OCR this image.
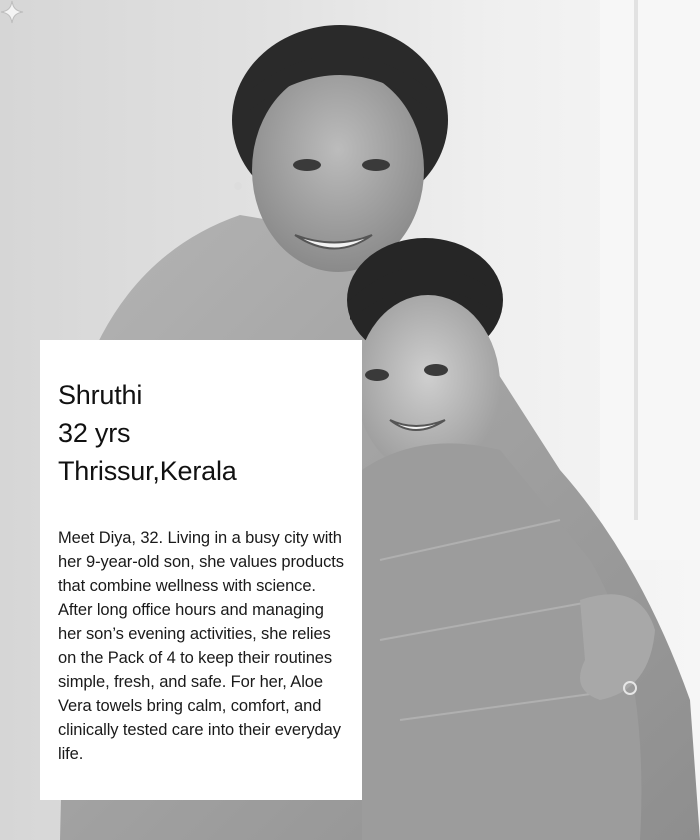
Shruthi

32 yrs

Thrissur,Kerala

Meet Diya, 32. Living in a busy city with her 9-year-old son, she values products that combine wellness with science. After long office hours and managing her son’s evening activities, she relies on the Pack of 4 to keep their routines simple, fresh, and safe. For her, Aloe Vera towels bring calm, comfort, and clinically tested care into their everyday life.
